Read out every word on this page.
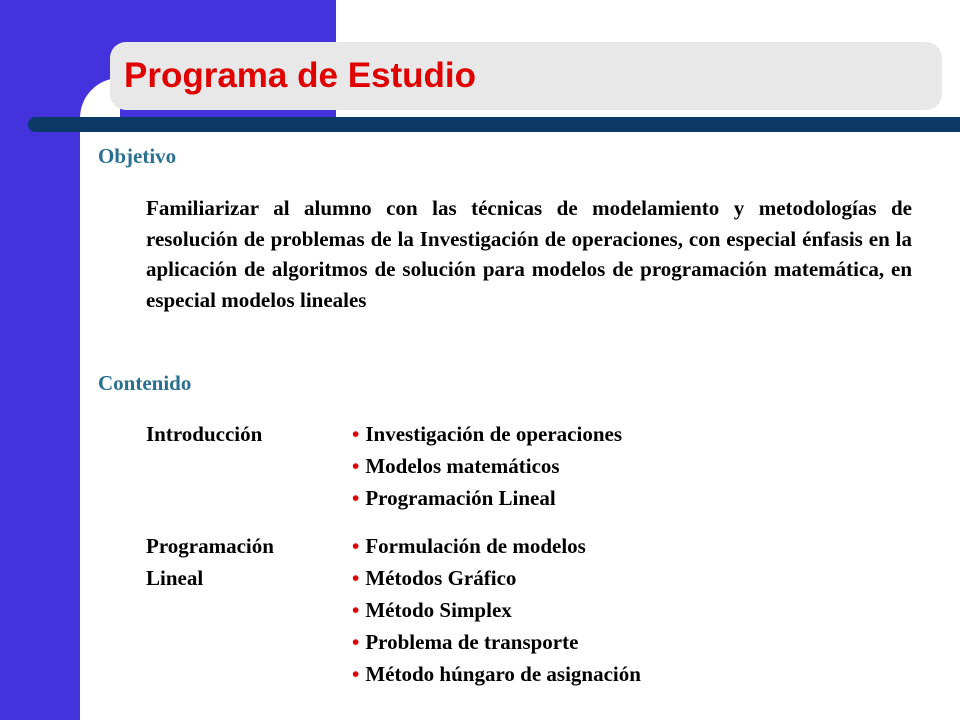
Programa de Estudio
Objetivo

Familiarizar al alumno con las técnicas de modelamiento y metodologías de resolución de problemas de la Investigación de operaciones, con especial énfasis en la aplicación de algoritmos de solución para modelos de programación matemática, en especial modelos lineales

Contenido
Introducción	• Investigación de operaciones
• Modelos matemáticos
• Programación Lineal
Programación
Lineal
• Formulación de modelos
• Métodos Gráfico
• Método Simplex
• Problema de transporte
• Método húngaro de asignación
